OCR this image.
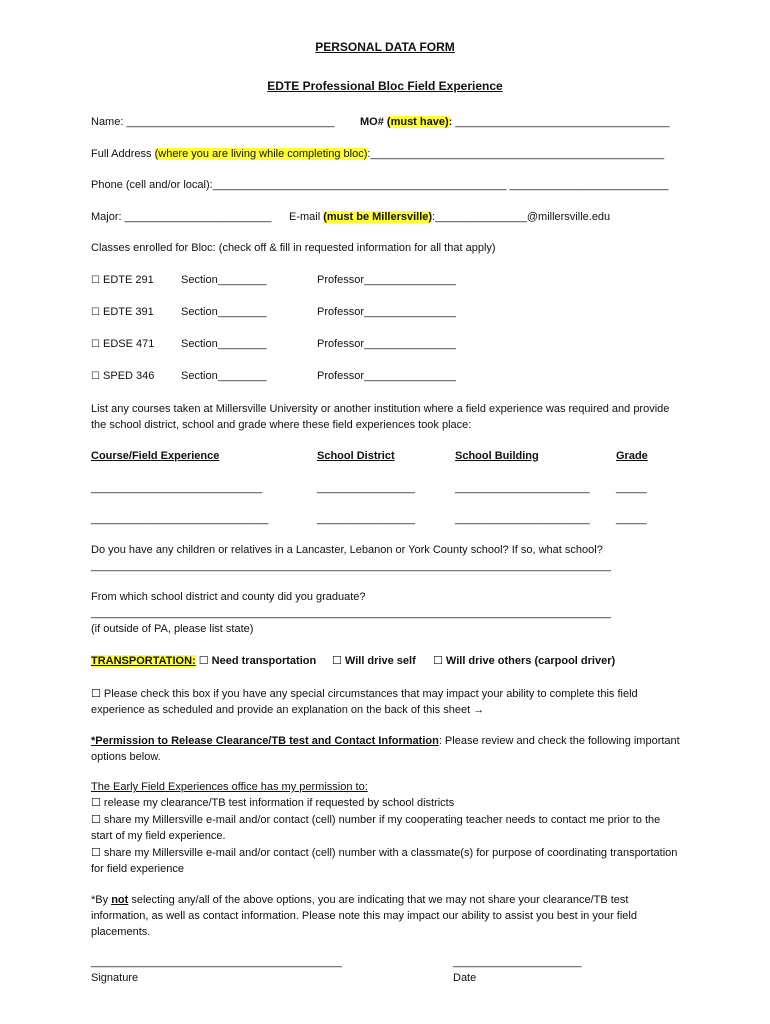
PERSONAL DATA FORM
EDTE Professional Bloc Field Experience
Name: __________________________________ MO# (must have): ___________________________________
Full Address (where you are living while completing bloc):________________________________________________
Phone (cell and/or local):________________________________________________ __________________________
Major: ________________________ E-mail (must be Millersville):_______________@millersville.edu
Classes enrolled for Bloc: (check off & fill in requested information for all that apply)
☐ EDTE 291 Section________	Professor_______________
☐ EDTE 391 Section________	Professor_______________
☐ EDSE 471 Section________	Professor_______________
☐ SPED 346 Section________	Professor_______________
List any courses taken at Millersville University or another institution where a field experience was required and provide the school district, school and grade where these field experiences took place:
Course/Field Experience	School District	School Building	Grade
____________________________	________________	______________________ _____
_____________________________	________________	______________________ _____
Do you have any children or relatives in a Lancaster, Lebanon or York County school? If so, what school?
_____________________________________________________________________________________
From which school district and county did you graduate?
_____________________________________________________________________________________
(if outside of PA, please list state)
TRANSPORTATION: ☐ Need transportation ☐ Will drive self ☐ Will drive others (carpool driver)
☐ Please check this box if you have any special circumstances that may impact your ability to complete this field experience as scheduled and provide an explanation on the back of this sheet →
*Permission to Release Clearance/TB test and Contact Information: Please review and check the following important options below.
The Early Field Experiences office has my permission to:
☐ release my clearance/TB test information if requested by school districts
☐ share my Millersville e-mail and/or contact (cell) number if my cooperating teacher needs to contact me prior to the start of my field experience.
☐ share my Millersville e-mail and/or contact (cell) number with a classmate(s) for purpose of coordinating transportation for field experience
*By not selecting any/all of the above options, you are indicating that we may not share your clearance/TB test information, as well as contact information. Please note this may impact our ability to assist you best in your field placements.
_________________________________________
Signature
_____________________
Date
